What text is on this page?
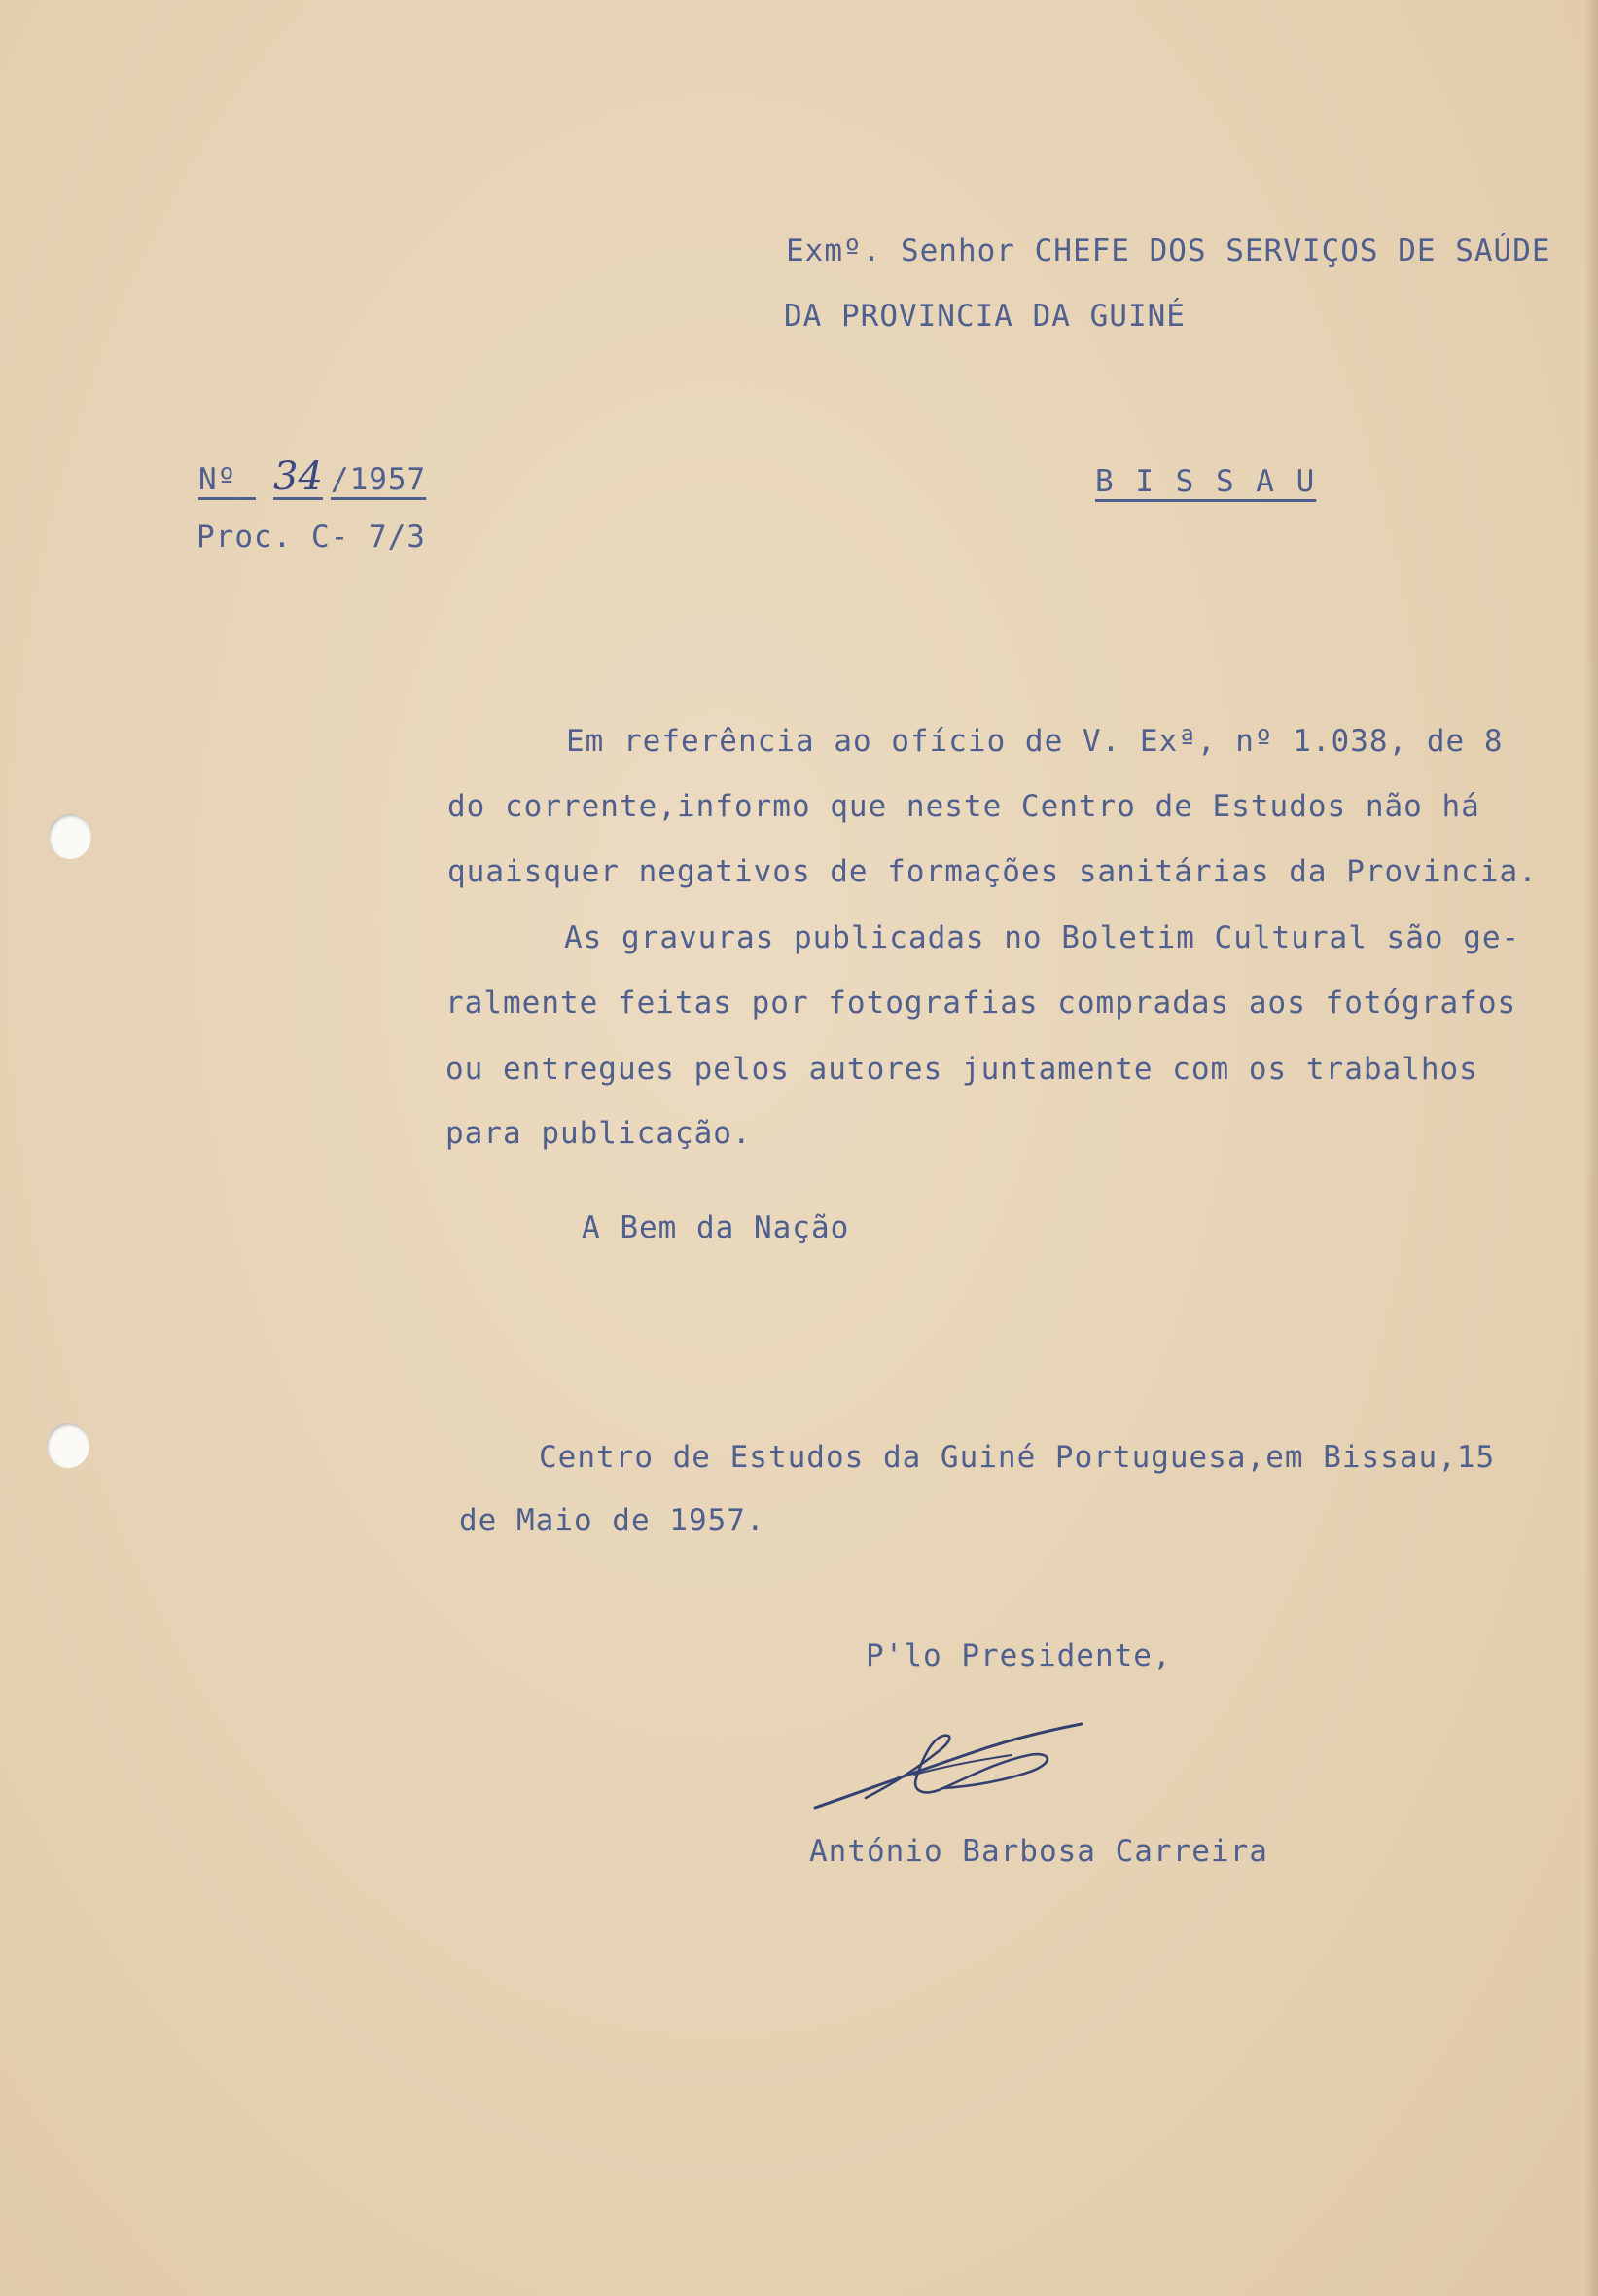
Exmº. Senhor CHEFE DOS SERVIÇOS DE SAÚDE
DA PROVINCIA DA GUINÉ
Nº 34 /1957
Proc. C- 7/3
B I S S A U
Em referência ao ofício de V. Exª, nº 1.038, de 8
do corrente,informo que neste Centro de Estudos não há
quaisquer negativos de formações sanitárias da Provincia.
As gravuras publicadas no Boletim Cultural são ge-
ralmente feitas por fotografias compradas aos fotógrafos
ou entregues pelos autores juntamente com os trabalhos
para publicação.
A Bem da Nação
Centro de Estudos da Guiné Portuguesa,em Bissau,15
de Maio de 1957.
P'lo Presidente,
António Barbosa Carreira
